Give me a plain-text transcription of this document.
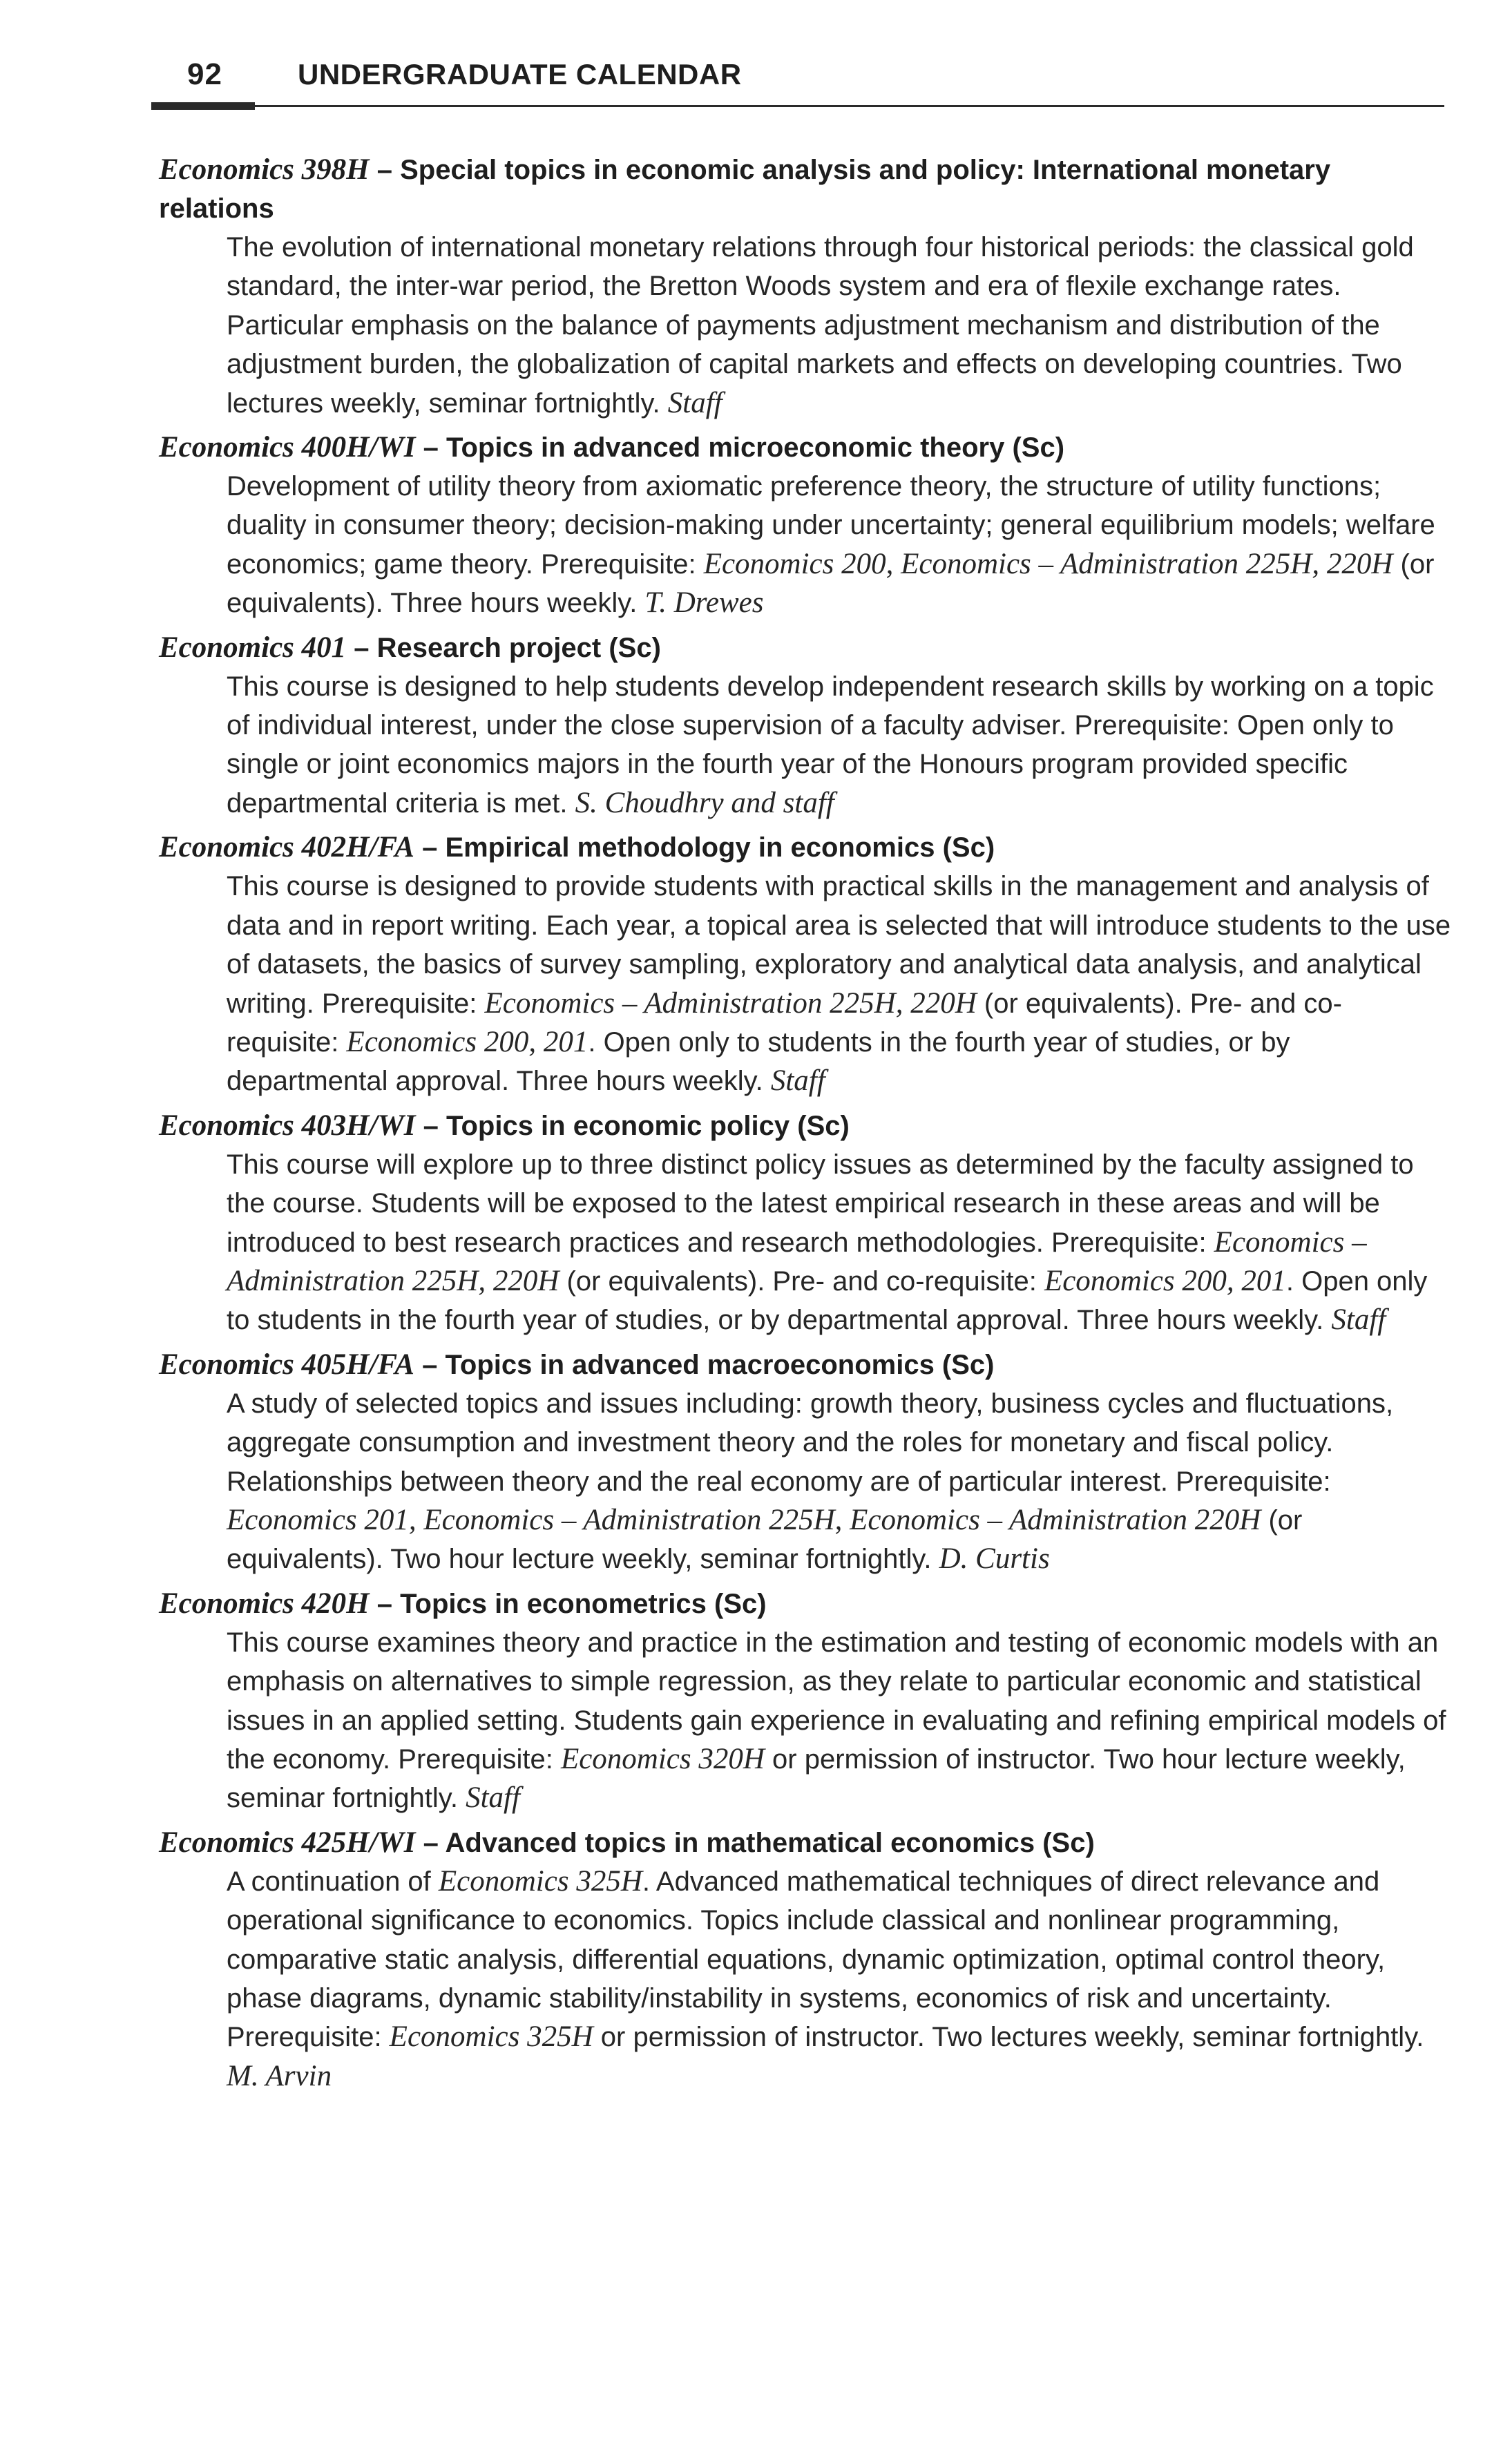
92	UNDERGRADUATE CALENDAR
Economics 398H – Special topics in economic analysis and policy: International monetary relations
The evolution of international monetary relations through four historical periods: the classical gold standard, the inter-war period, the Bretton Woods system and era of flexile exchange rates. Particular emphasis on the balance of payments adjustment mechanism and distribution of the adjustment burden, the globalization of capital markets and effects on developing countries. Two lectures weekly, seminar fortnightly. Staff
Economics 400H/WI – Topics in advanced microeconomic theory (Sc)
Development of utility theory from axiomatic preference theory, the structure of utility functions; duality in consumer theory; decision-making under uncertainty; general equilibrium models; welfare economics; game theory. Prerequisite: Economics 200, Economics – Administration 225H, 220H (or equivalents). Three hours weekly. T. Drewes
Economics 401 – Research project (Sc)
This course is designed to help students develop independent research skills by working on a topic of individual interest, under the close supervision of a faculty adviser. Prerequisite: Open only to single or joint economics majors in the fourth year of the Honours program provided specific departmental criteria is met. S. Choudhry and staff
Economics 402H/FA – Empirical methodology in economics (Sc)
This course is designed to provide students with practical skills in the management and analysis of data and in report writing. Each year, a topical area is selected that will introduce students to the use of datasets, the basics of survey sampling, exploratory and analytical data analysis, and analytical writing. Prerequisite: Economics – Administration 225H, 220H (or equivalents). Pre- and co-requisite: Economics 200, 201. Open only to students in the fourth year of studies, or by departmental approval. Three hours weekly. Staff
Economics 403H/WI – Topics in economic policy (Sc)
This course will explore up to three distinct policy issues as determined by the faculty assigned to the course. Students will be exposed to the latest empirical research in these areas and will be introduced to best research practices and research methodologies. Prerequisite: Economics – Administration 225H, 220H (or equivalents). Pre- and co-requisite: Economics 200, 201. Open only to students in the fourth year of studies, or by departmental approval. Three hours weekly. Staff
Economics 405H/FA – Topics in advanced macroeconomics (Sc)
A study of selected topics and issues including: growth theory, business cycles and fluctuations, aggregate consumption and investment theory and the roles for monetary and fiscal policy. Relationships between theory and the real economy are of particular interest. Prerequisite: Economics 201, Economics – Administration 225H, Economics – Administration 220H (or equivalents). Two hour lecture weekly, seminar fortnightly. D. Curtis
Economics 420H – Topics in econometrics (Sc)
This course examines theory and practice in the estimation and testing of economic models with an emphasis on alternatives to simple regression, as they relate to particular economic and statistical issues in an applied setting. Students gain experience in evaluating and refining empirical models of the economy. Prerequisite: Economics 320H or permission of instructor. Two hour lecture weekly, seminar fortnightly. Staff
Economics 425H/WI – Advanced topics in mathematical economics (Sc)
A continuation of Economics 325H. Advanced mathematical techniques of direct relevance and operational significance to economics. Topics include classical and nonlinear programming, comparative static analysis, differential equations, dynamic optimization, optimal control theory, phase diagrams, dynamic stability/instability in systems, economics of risk and uncertainty. Prerequisite: Economics 325H or permission of instructor. Two lectures weekly, seminar fortnightly. M. Arvin
